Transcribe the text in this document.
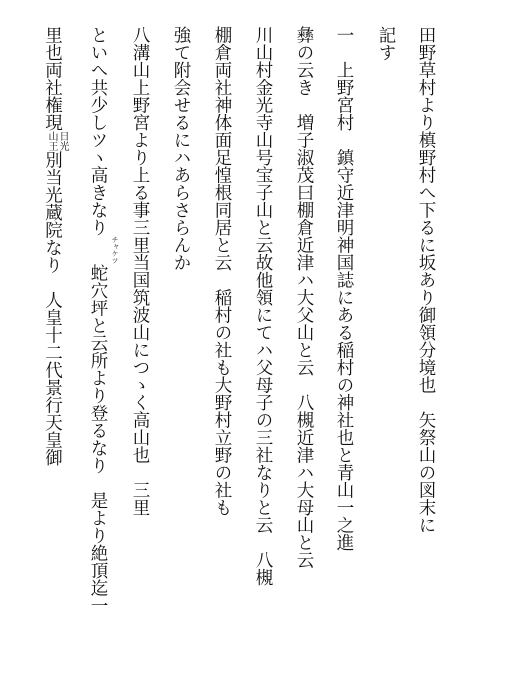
田野草村より槙野村へ下るに坂あり御領分境也　矢祭山の図末に
記す
一　上野宮村　鎮守近津明神国誌にある稲村の神社也と青山一之進
彝の云き　増子淑茂曰棚倉近津ハ大父山と云　八槻近津ハ大母山と云
川山村金光寺山号宝子山と云故他領にてハ父母子の三社なりと云　八槻
棚倉両社神体面足惶根同居と云　稲村の社も大野村立野の社も
強て附会せるにハあらさらんか
八溝山上野宮より上る事三里当国筑波山につゝく高山也　三里
といへ共少しツヽ高きなりチャケツ蛇穴坪と云所より登るなり　是より絶頂迄一
里也両社権現
日光
山王
別当光蔵院なり　人皇十二代景行天皇御
